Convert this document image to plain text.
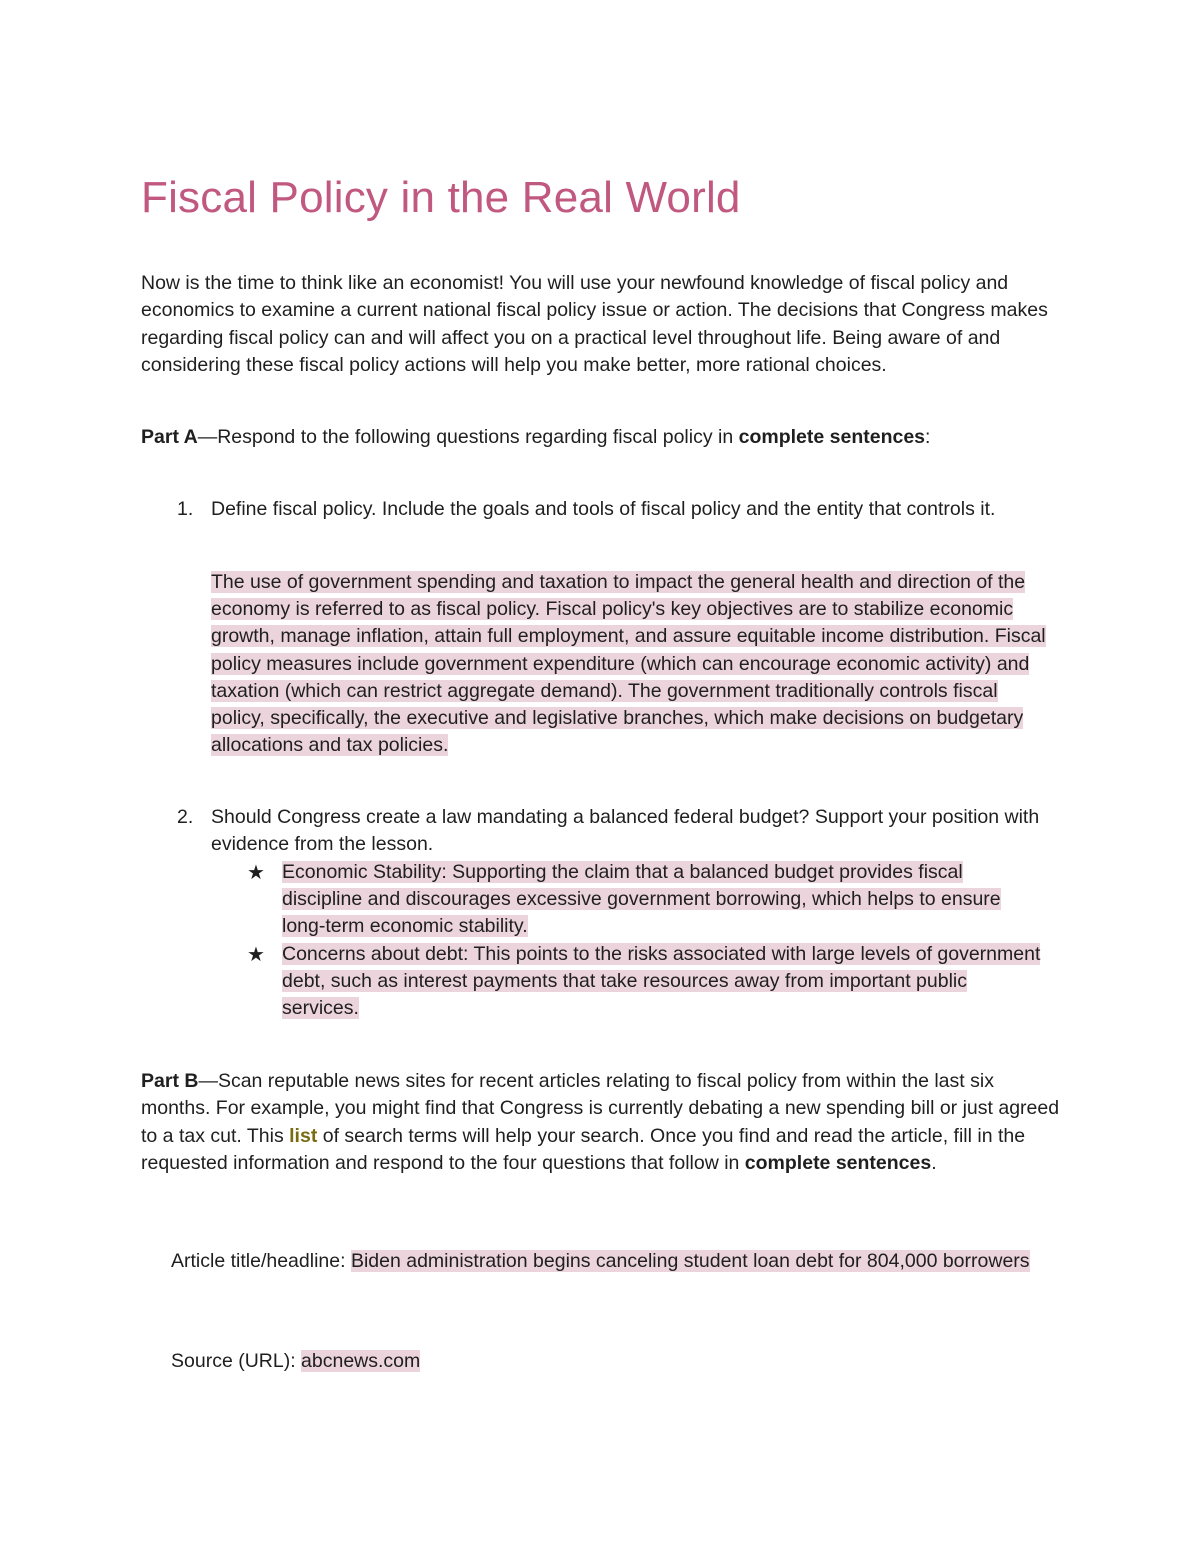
Fiscal Policy in the Real World

Now is the time to think like an economist! You will use your newfound knowledge of fiscal policy and economics to examine a current national fiscal policy issue or action. The decisions that Congress makes regarding fiscal policy can and will affect you on a practical level throughout life. Being aware of and considering these fiscal policy actions will help you make better, more rational choices.

Part A—Respond to the following questions regarding fiscal policy in complete sentences:

1. Define fiscal policy. Include the goals and tools of fiscal policy and the entity that controls it.

The use of government spending and taxation to impact the general health and direction of the economy is referred to as fiscal policy. Fiscal policy's key objectives are to stabilize economic growth, manage inflation, attain full employment, and assure equitable income distribution. Fiscal policy measures include government expenditure (which can encourage economic activity) and taxation (which can restrict aggregate demand). The government traditionally controls fiscal policy, specifically, the executive and legislative branches, which make decisions on budgetary allocations and tax policies.

2. Should Congress create a law mandating a balanced federal budget? Support your position with evidence from the lesson.
★ Economic Stability: Supporting the claim that a balanced budget provides fiscal discipline and discourages excessive government borrowing, which helps to ensure long-term economic stability.
★ Concerns about debt: This points to the risks associated with large levels of government debt, such as interest payments that take resources away from important public services.

Part B—Scan reputable news sites for recent articles relating to fiscal policy from within the last six months. For example, you might find that Congress is currently debating a new spending bill or just agreed to a tax cut. This list of search terms will help your search. Once you find and read the article, fill in the requested information and respond to the four questions that follow in complete sentences.

Article title/headline: Biden administration begins canceling student loan debt for 804,000 borrowers

Source (URL): abcnews.com
